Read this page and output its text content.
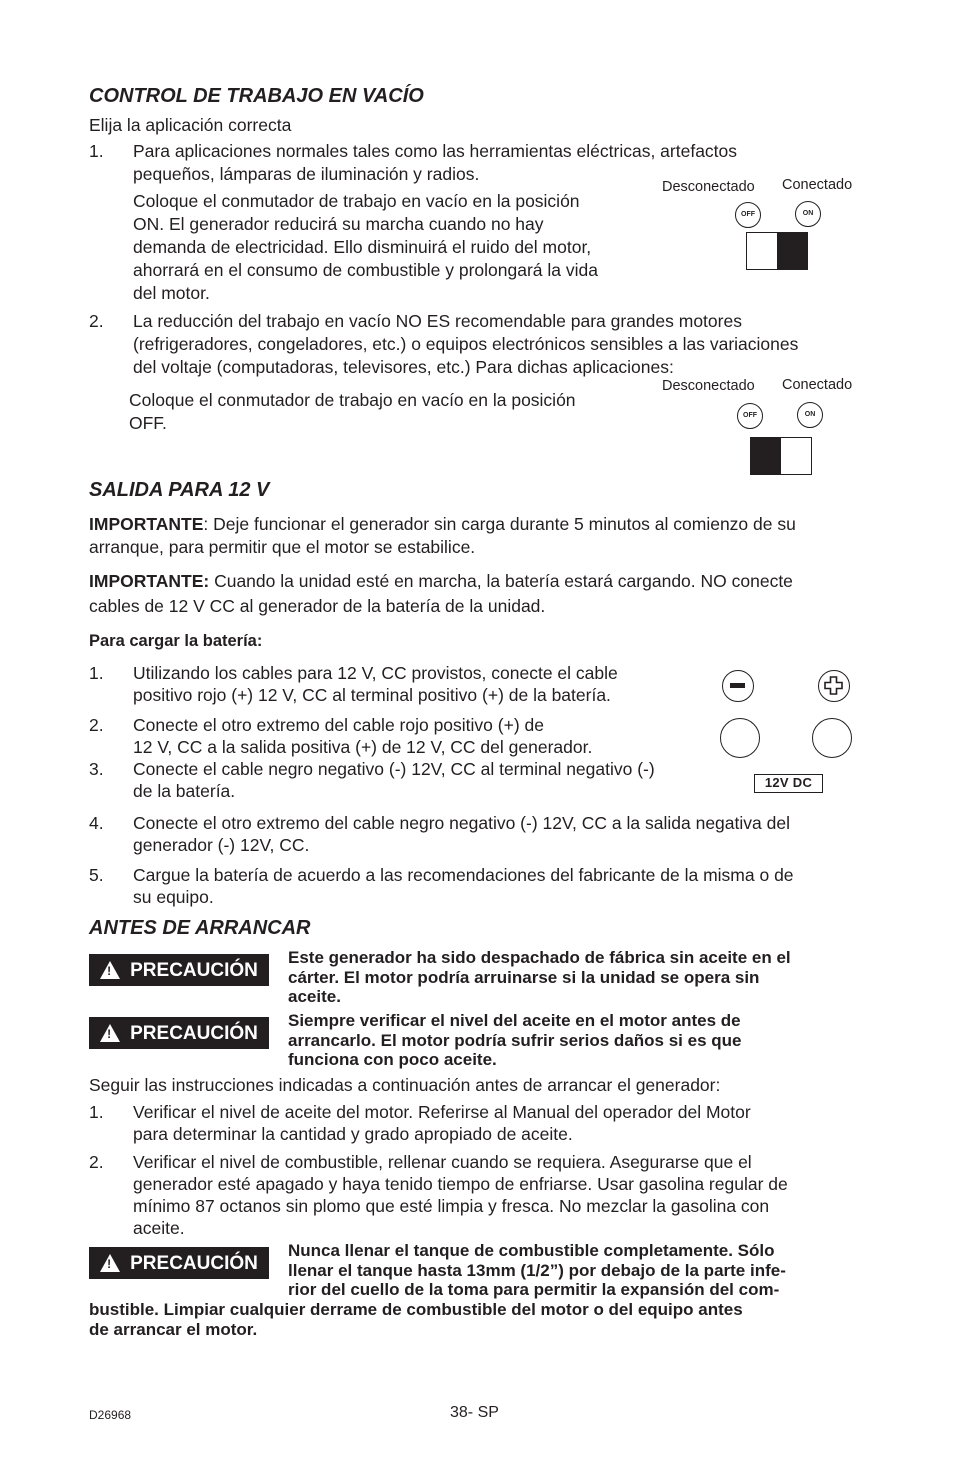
CONTROL DE TRABAJO EN VACÍO
Elija la aplicación correcta
1.	Para aplicaciones normales tales como las herramientas eléctricas, artefactos
pequeños, lámparas de iluminación y radios.
Coloque el conmutador de trabajo en vacío en la posición
ON. El generador reducirá su marcha cuando no hay
demanda de electricidad. Ello disminuirá el ruido del motor,
ahorrará en el consumo de combustible y prolongará la vida
del motor.
Desconectado Conectado
OFF	ON
2.	La reducción del trabajo en vacío NO ES recomendable para grandes motores
(refrigeradores, congeladores, etc.) o equipos electrónicos sensibles a las variaciones
del voltaje (computadoras, televisores, etc.) Para dichas aplicaciones:
Coloque el conmutador de trabajo en vacío en la posición
OFF.
Desconectado Conectado
OFF	ON
SALIDA PARA 12 V
IMPORTANTE: Deje funcionar el generador sin carga durante 5 minutos al comienzo de su
arranque, para permitir que el motor se estabilice.
IMPORTANTE: Cuando la unidad esté en marcha, la batería estará cargando. NO conecte
cables de 12 V CC al generador de la batería de la unidad.
Para cargar la batería:
1.	Utilizando los cables para 12 V, CC provistos, conecte el cable
positivo rojo (+) 12 V, CC al terminal positivo (+) de la batería.
2.	Conecte el otro extremo del cable rojo positivo (+) de
12 V, CC a la salida positiva (+) de 12 V, CC del generador.
3.	Conecte el cable negro negativo (-) 12V, CC al terminal negativo (-)
de la batería.
4.	Conecte el otro extremo del cable negro negativo (-) 12V, CC a la salida negativa del
generador (-) 12V, CC.
5.	Cargue la batería de acuerdo a las recomendaciones del fabricante de la misma o de
su equipo.
12V DC
ANTES DE ARRANCAR
! PRECAUCIÓN
Este generador ha sido despachado de fábrica sin aceite en el
cárter. El motor podría arruinarse si la unidad se opera sin
aceite.
! PRECAUCIÓN
Siempre verificar el nivel del aceite en el motor antes de
arrancarlo. El motor podría sufrir serios daños si es que
funciona con poco aceite.
Seguir las instrucciones indicadas a continuación antes de arrancar el generador:
1.	Verificar el nivel de aceite del motor. Referirse al Manual del operador del Motor
para determinar la cantidad y grado apropiado de aceite.
2.	Verificar el nivel de combustible, rellenar cuando se requiera. Asegurarse que el
generador esté apagado y haya tenido tiempo de enfriarse. Usar gasolina regular de
mínimo 87 octanos sin plomo que esté limpia y fresca. No mezclar la gasolina con
aceite.
! PRECAUCIÓN
Nunca llenar el tanque de combustible completamente. Sólo
llenar el tanque hasta 13mm (1/2”) por debajo de la parte infe-
rior del cuello de la toma para permitir la expansión del com-
bustible. Limpiar cualquier derrame de combustible del motor o del equipo antes
de arrancar el motor.
D26968	38- SP
